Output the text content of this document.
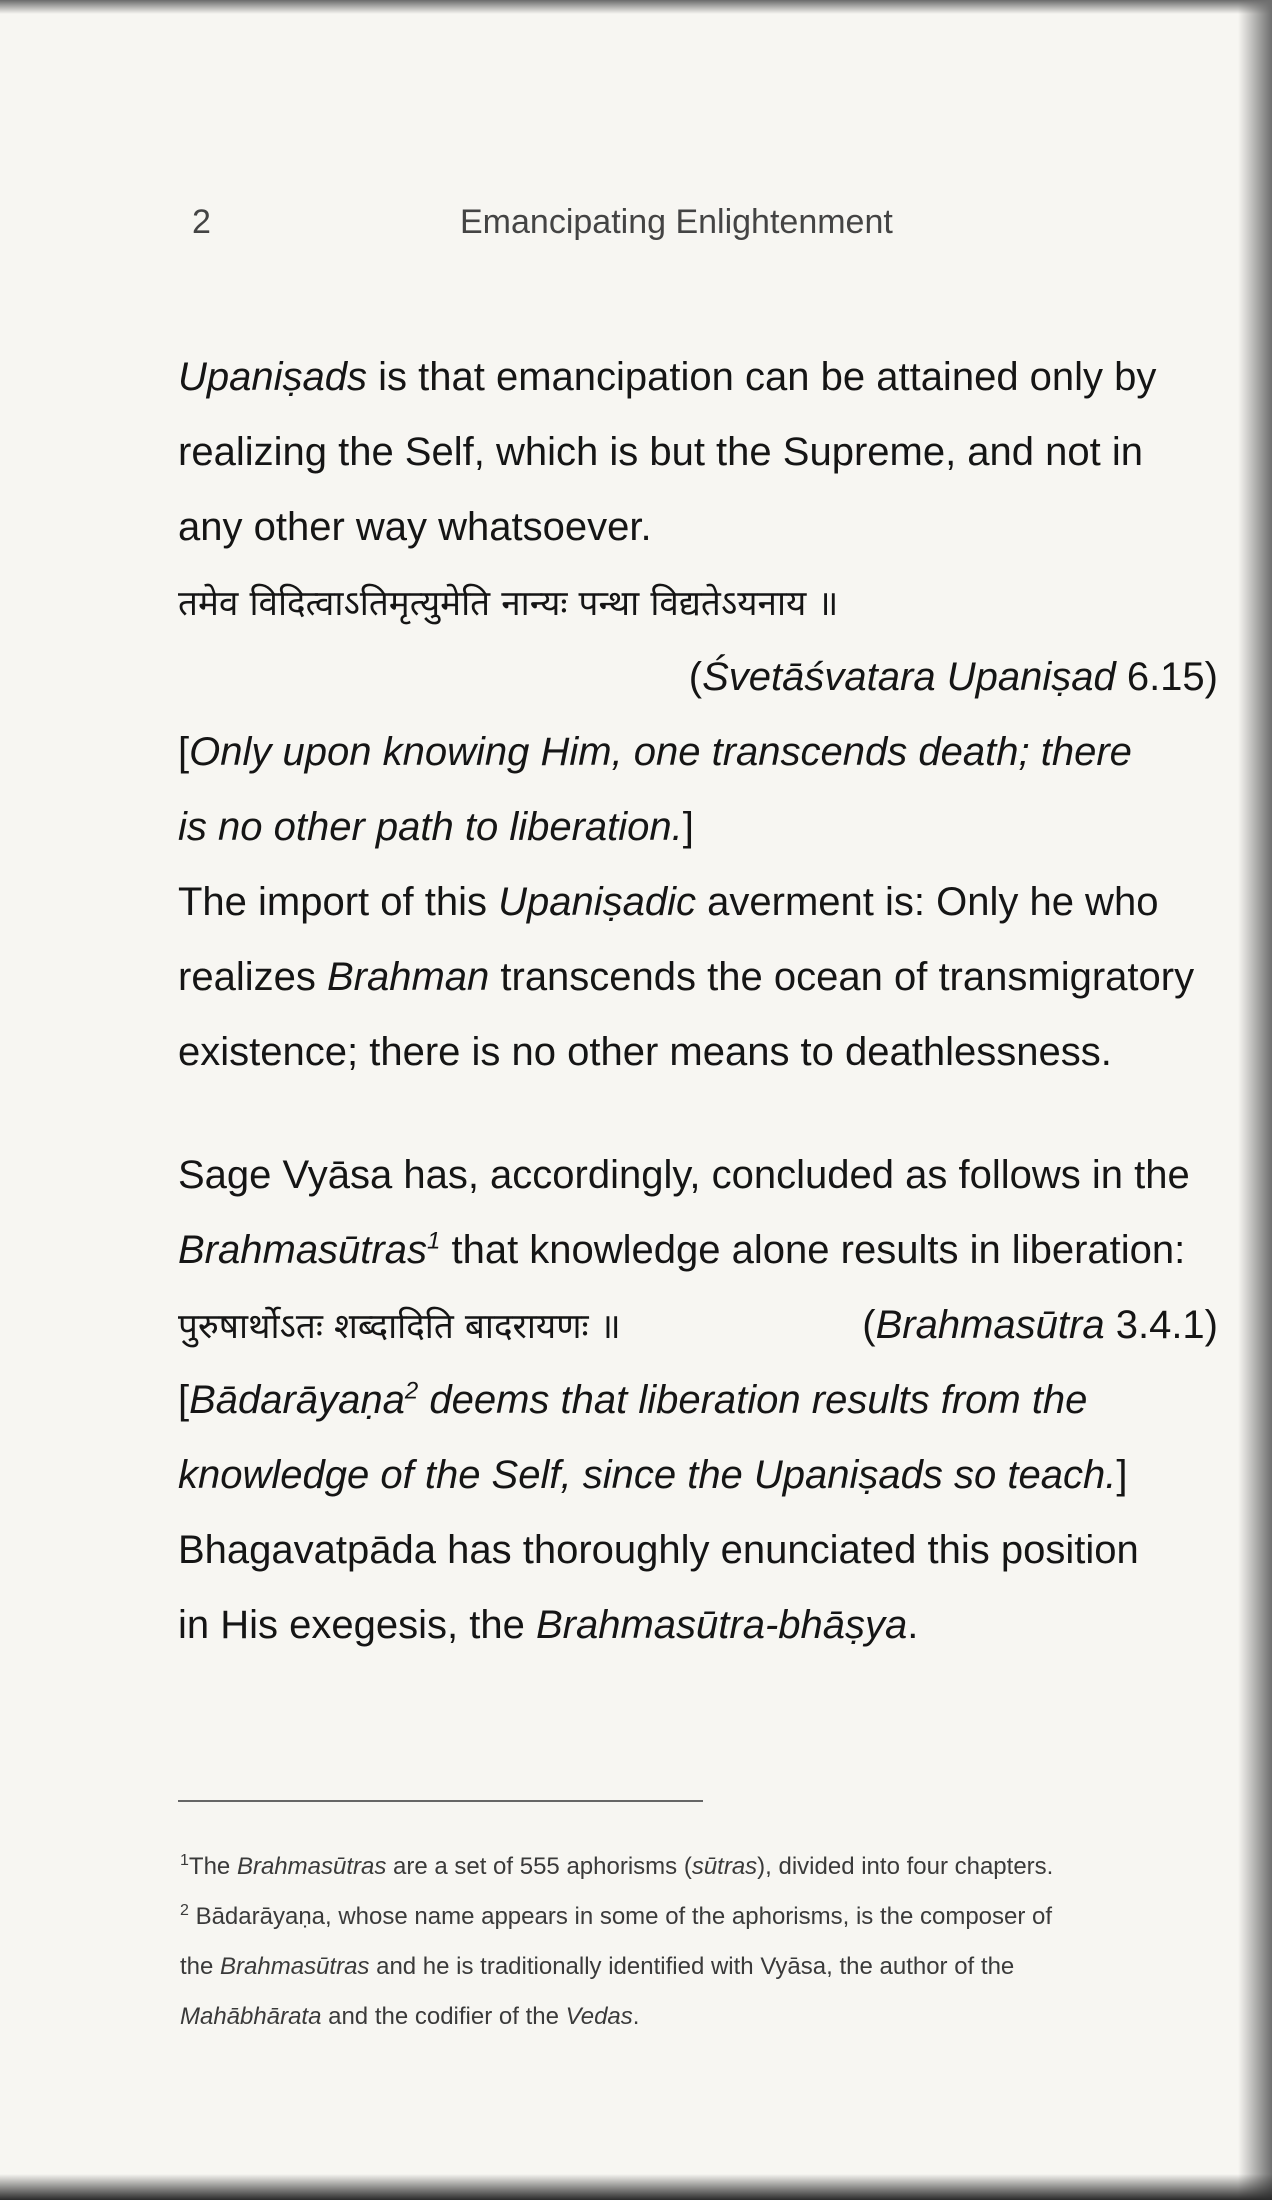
2	Emancipating Enlightenment
Upaniṣads is that emancipation can be attained only by
realizing the Self, which is but the Supreme, and not in
any other way whatsoever.
तमेव विदित्वाऽतिमृत्युमेति नान्यः पन्था विद्यतेऽयनाय ॥
(Śvetāśvatara Upaniṣad 6.15)
[Only upon knowing Him, one transcends death; there
is no other path to liberation.]
The import of this Upaniṣadic averment is: Only he who
realizes Brahman transcends the ocean of transmigratory
existence; there is no other means to deathlessness.
Sage Vyāsa has, accordingly, concluded as follows in the
Brahmasūtras$^1$ that knowledge alone results in liberation:
पुरुषार्थोऽतः शब्दादिति बादरायणः ॥	(Brahmasūtra 3.4.1)
[Bādarāyaṇa$^2$ deems that liberation results from the
knowledge of the Self, since the Upaniṣads so teach.]
Bhagavatpāda has thoroughly enunciated this position
in His exegesis, the Brahmasūtra-bhāṣya.
$^1$The Brahmasūtras are a set of 555 aphorisms (sūtras), divided into four chapters.
$^2$ Bādarāyaṇa, whose name appears in some of the aphorisms, is the composer of
the Brahmasūtras and he is traditionally identified with Vyāsa, the author of the
Mahābhārata and the codifier of the Vedas.
